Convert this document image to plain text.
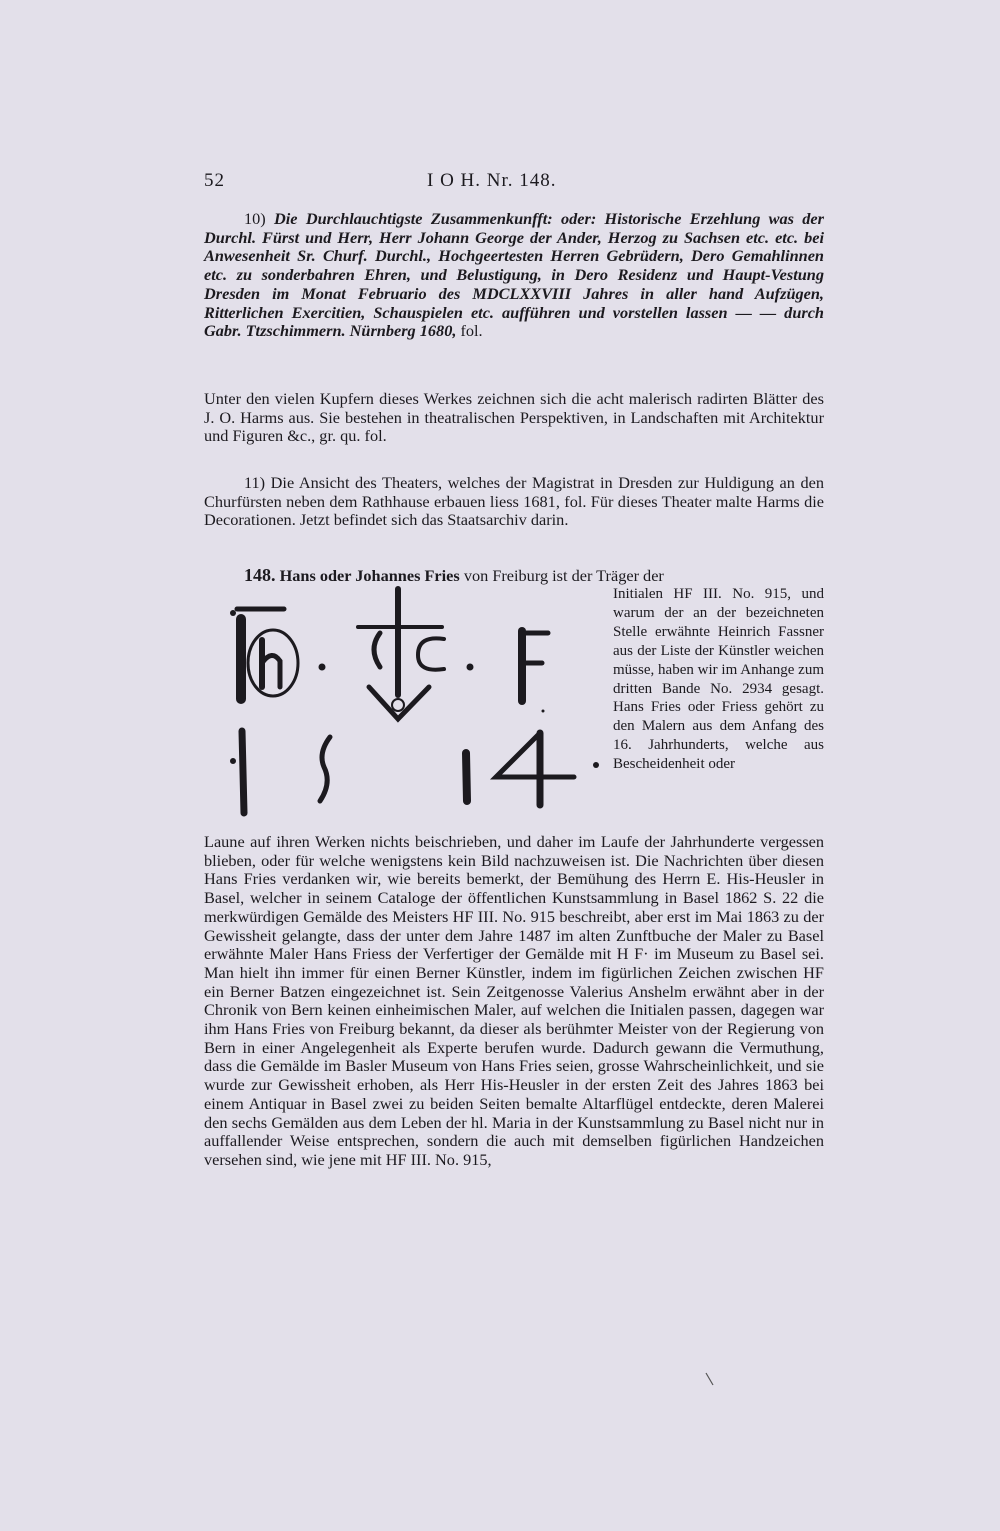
52	I O H. Nr. 148.

10) Die Durchlauchtigste Zusammenkunfft: oder: Historische Erzehlung was der Durchl. Fürst und Herr, Herr Johann George der Ander, Herzog zu Sachsen etc. etc. bei Anwesenheit Sr. Churf. Durchl., Hochgeertesten Herren Gebrüdern, Dero Gemahlinnen etc. zu sonderbahren Ehren, und Belustigung, in Dero Residenz und Haupt-Vestung Dresden im Monat Februario des MDCLXXVIII Jahres in aller hand Aufzügen, Ritterlichen Exercitien, Schauspielen etc. aufführen und vorstellen lassen — — durch Gabr. Ttzschimmern. Nürnberg 1680, fol.

Unter den vielen Kupfern dieses Werkes zeichnen sich die acht malerisch radirten Blätter des J. O. Harms aus. Sie bestehen in theatralischen Perspektiven, in Landschaften mit Architektur und Figuren &c., gr. qu. fol.

11) Die Ansicht des Theaters, welches der Magistrat in Dresden zur Huldigung an den Churfürsten neben dem Rathhause erbauen liess 1681, fol. Für dieses Theater malte Harms die Decorationen. Jetzt befindet sich das Staatsarchiv darin.

148. Hans oder Johannes Fries von Freiburg ist der Träger der

Initialen HF III. No. 915, und warum der an der bezeichneten Stelle erwähnte Heinrich Fassner aus der Liste der Künstler weichen müsse, haben wir im Anhange zum dritten Bande No. 2934 gesagt. Hans Fries oder Friess gehört zu den Malern aus dem Anfang des 16. Jahrhunderts, welche aus Bescheidenheit oder

Laune auf ihren Werken nichts beischrieben, und daher im Laufe der Jahrhunderte vergessen blieben, oder für welche wenigstens kein Bild nachzuweisen ist. Die Nachrichten über diesen Hans Fries verdanken wir, wie bereits bemerkt, der Bemühung des Herrn E. His-Heusler in Basel, welcher in seinem Cataloge der öffentlichen Kunstsammlung in Basel 1862 S. 22 die merkwürdigen Gemälde des Meisters HF III. No. 915 beschreibt, aber erst im Mai 1863 zu der Gewissheit gelangte, dass der unter dem Jahre 1487 im alten Zunftbuche der Maler zu Basel erwähnte Maler Hans Friess der Verfertiger der Gemälde mit H F· im Museum zu Basel sei. Man hielt ihn immer für einen Berner Künstler, indem im figürlichen Zeichen zwischen HF ein Berner Batzen eingezeichnet ist. Sein Zeitgenosse Valerius Anshelm erwähnt aber in der Chronik von Bern keinen einheimischen Maler, auf welchen die Initialen passen, dagegen war ihm Hans Fries von Freiburg bekannt, da dieser als berühmter Meister von der Regierung von Bern in einer Angelegenheit als Experte berufen wurde. Dadurch gewann die Vermuthung, dass die Gemälde im Basler Museum von Hans Fries seien, grosse Wahrscheinlichkeit, und sie wurde zur Gewissheit erhoben, als Herr His-Heusler in der ersten Zeit des Jahres 1863 bei einem Antiquar in Basel zwei zu beiden Seiten bemalte Altarflügel entdeckte, deren Malerei den sechs Gemälden aus dem Leben der hl. Maria in der Kunstsammlung zu Basel nicht nur in auffallender Weise entsprechen, sondern die auch mit demselben figürlichen Handzeichen versehen sind, wie jene mit HF III. No. 915,
